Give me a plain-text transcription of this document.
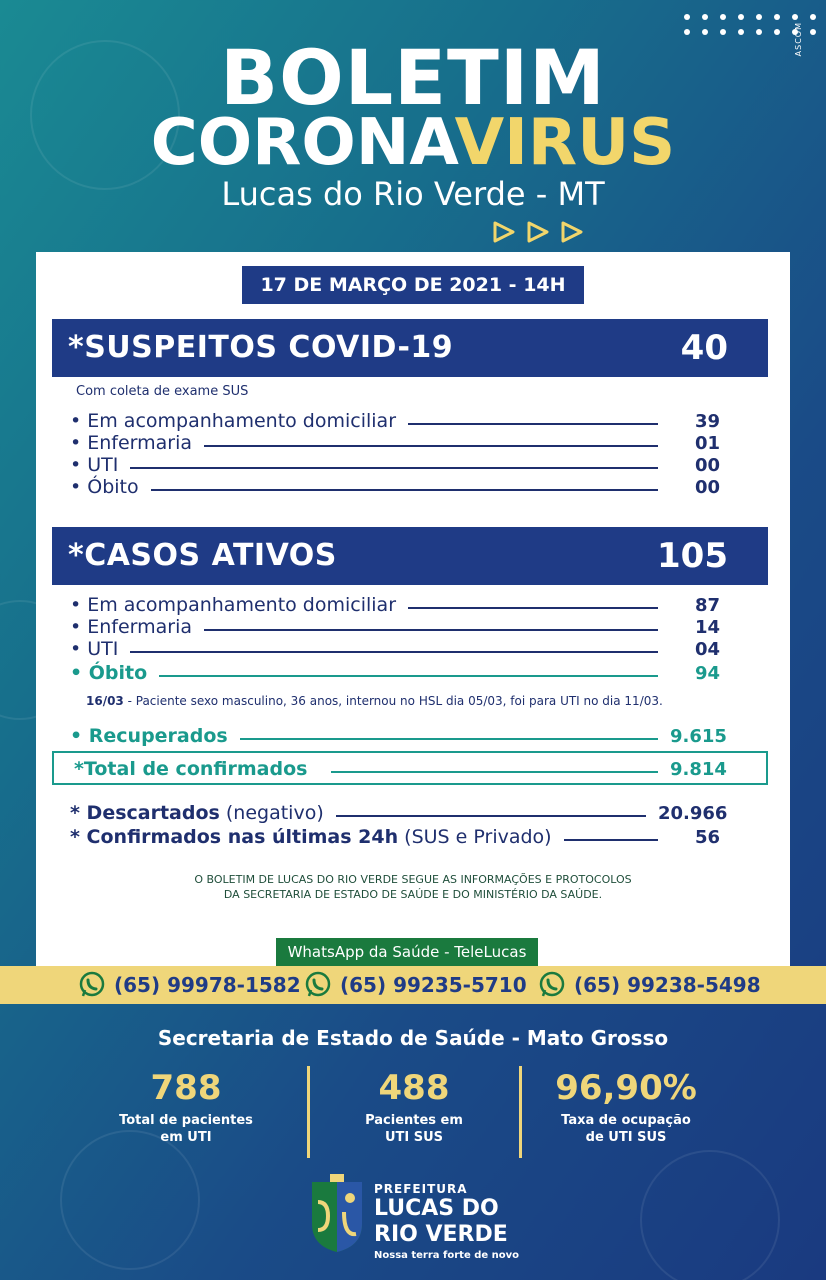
ASCOM
BOLETIM
CORONAVIRUS
Lucas do Rio Verde - MT
17 DE MARÇO DE 2021 - 14H
*SUSPEITOS COVID-19	40
Com coleta de exame SUS
• Em acompanhamento domiciliar	39
• Enfermaria	01
• UTI	00
• Óbito	00
*CASOS ATIVOS	105
• Em acompanhamento domiciliar	87
• Enfermaria	14
• UTI	04
• Óbito	94
16/03 - Paciente sexo masculino, 36 anos, internou no HSL dia 05/03, foi para UTI no dia 11/03.
• Recuperados	9.615
*Total de confirmados	9.814
* Descartados (negativo)	20.966
* Confirmados nas últimas 24h (SUS e Privado)	56
O BOLETIM DE LUCAS DO RIO VERDE SEGUE AS INFORMAÇÕES E PROTOCOLOS
DA SECRETARIA DE ESTADO DE SAÚDE E DO MINISTÉRIO DA SAÚDE.
WhatsApp da Saúde - TeleLucas
(65) 99978-1582 (65) 99235-5710 (65) 99238-5498
Secretaria de Estado de Saúde - Mato Grosso
788
Total de pacientes
em UTI
488
Pacientes em
UTI SUS
96,90%
Taxa de ocupação
de UTI SUS
PREFEITURA
LUCAS DO
RIO VERDE
Nossa terra forte de novo
